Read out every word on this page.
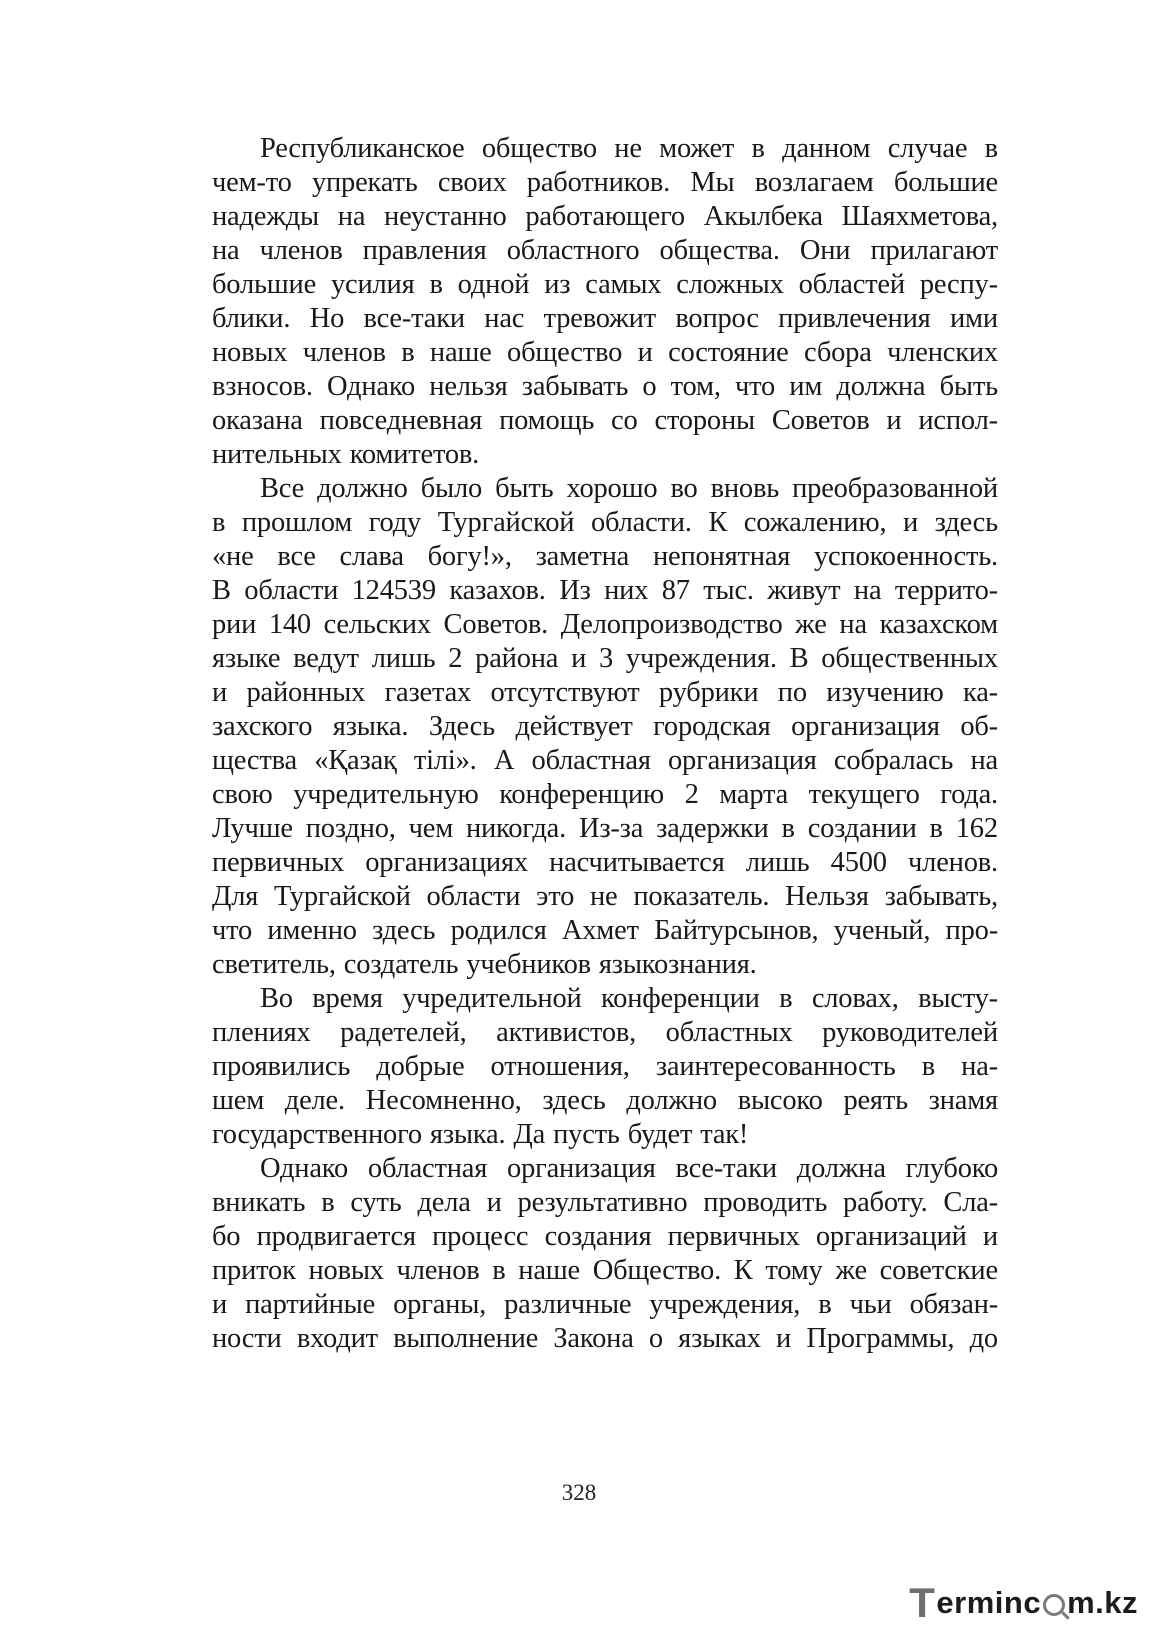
Республиканское общество не может в данном случае в
чем-то упрекать своих работников. Мы возлагаем большие
надежды на неустанно работающего Акылбека Шаяхметова,
на членов правления областного общества. Они прилагают
большие усилия в одной из самых сложных областей респу-
блики. Но все-таки нас тревожит вопрос привлечения ими
новых членов в наше общество и состояние сбора членских
взносов. Однако нельзя забывать о том, что им должна быть
оказана повседневная помощь со стороны Советов и испол-
нительных комитетов.
Все должно было быть хорошо во вновь преобразованной
в прошлом году Тургайской области. К сожалению, и здесь
«не все слава богу!», заметна непонятная успокоенность.
В области 124539 казахов. Из них 87 тыс. живут на террито-
рии 140 сельских Советов. Делопроизводство же на казахском
языке ведут лишь 2 района и 3 учреждения. В общественных
и районных газетах отсутствуют рубрики по изучению ка-
захского языка. Здесь действует городская организация об-
щества «Қазақ тілі». А областная организация собралась на
свою учредительную конференцию 2 марта текущего года.
Лучше поздно, чем никогда. Из-за задержки в создании в 162
первичных организациях насчитывается лишь 4500 членов.
Для Тургайской области это не показатель. Нельзя забывать,
что именно здесь родился Ахмет Байтурсынов, ученый, про-
светитель, создатель учебников языкознания.
Во время учредительной конференции в словах, высту-
плениях радетелей, активистов, областных руководителей
проявились добрые отношения, заинтересованность в на-
шем деле. Несомненно, здесь должно высоко реять знамя
государственного языка. Да пусть будет так!
Однако областная организация все-таки должна глубоко
вникать в суть дела и результативно проводить работу. Сла-
бо продвигается процесс создания первичных организаций и
приток новых членов в наше Общество. К тому же советские
и партийные органы, различные учреждения, в чьи обязан-
ности входит выполнение Закона о языках и Программы, до
328
T ermin c m.kz
